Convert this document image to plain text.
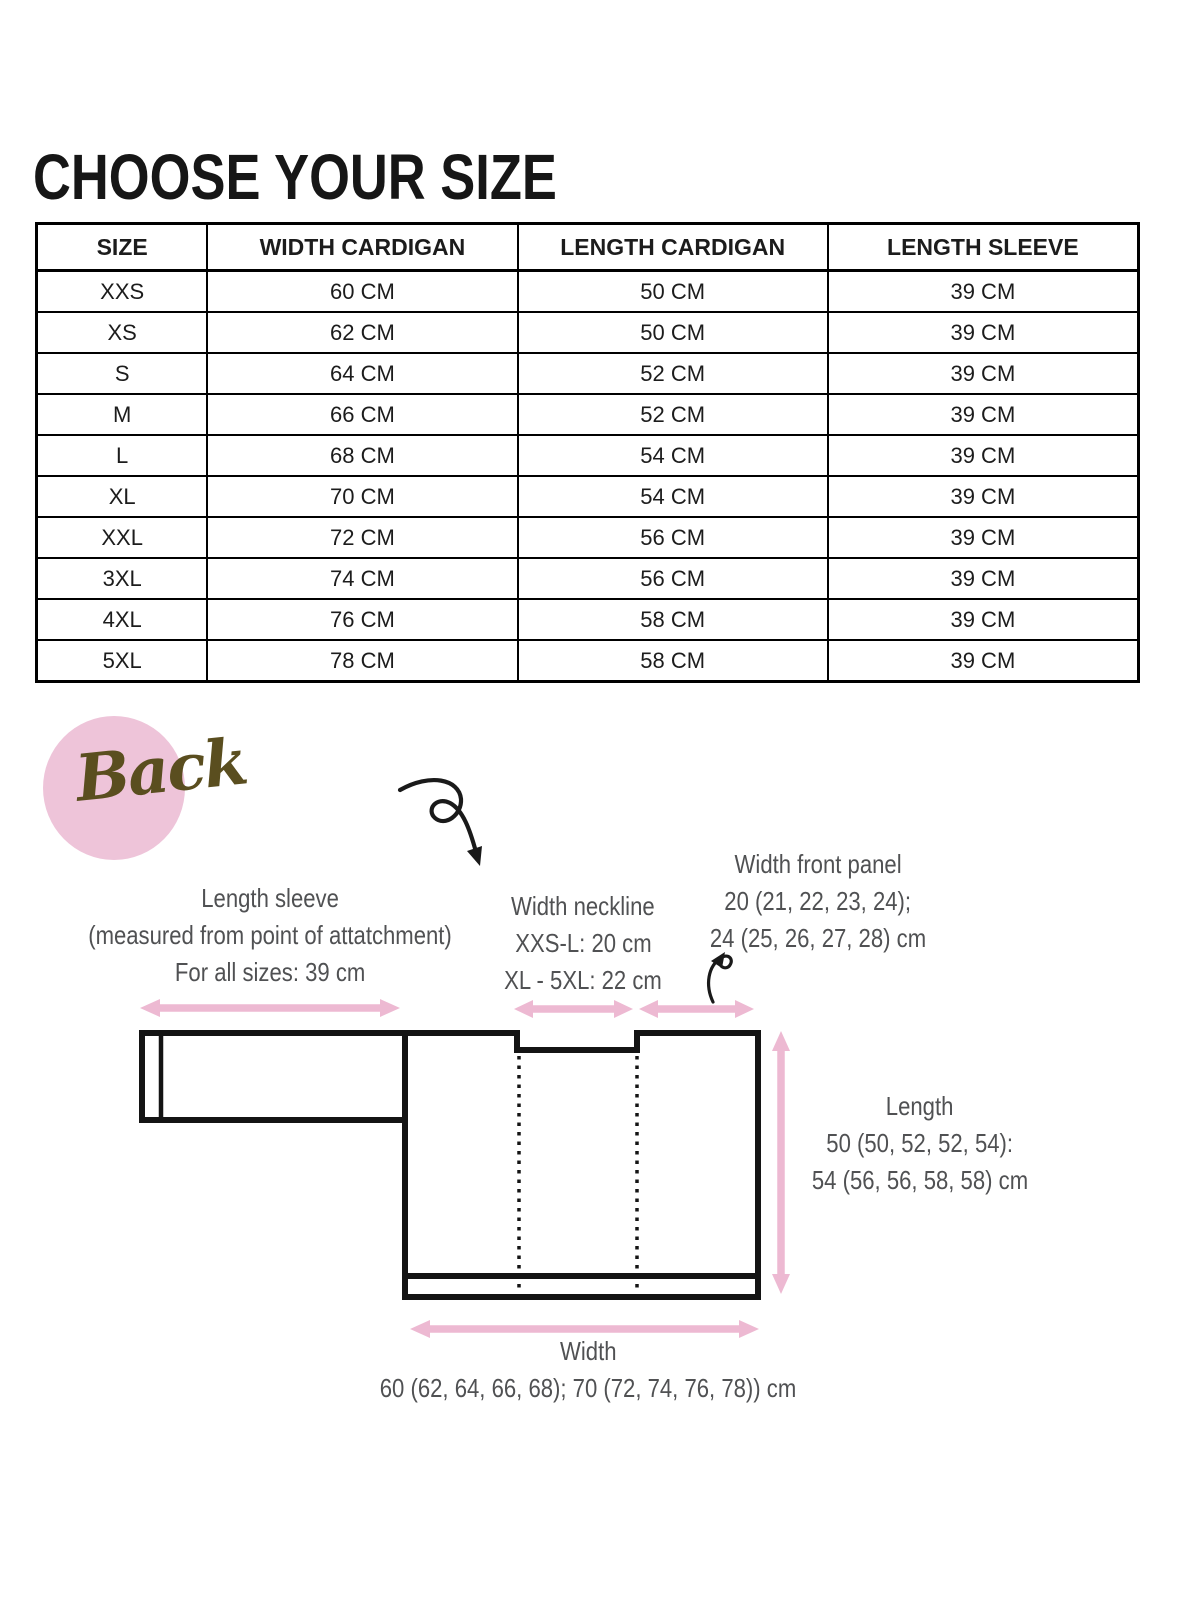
CHOOSE YOUR SIZE
SIZE	WIDTH CARDIGAN	LENGTH CARDIGAN	LENGTH SLEEVE
XXS	60 CM	50 CM	39 CM
XS	62 CM	50 CM	39 CM
S	64 CM	52 CM	39 CM
M	66 CM	52 CM	39 CM
L	68 CM	54 CM	39 CM
XL	70 CM	54 CM	39 CM
XXL	72 CM	56 CM	39 CM
3XL	74 CM	56 CM	39 CM
4XL	76 CM	58 CM	39 CM
5XL	78 CM	58 CM	39 CM
Back
Length sleeve
(measured from point of attatchment)
For all sizes: 39 cm
Width neckline
XXS-L: 20 cm
XL - 5XL: 22 cm
Width front panel
20 (21, 22, 23, 24);
24 (25, 26, 27, 28) cm
Length
50 (50, 52, 52, 54):
54 (56, 56, 58, 58) cm
Width
60 (62, 64, 66, 68); 70 (72, 74, 76, 78)) cm
